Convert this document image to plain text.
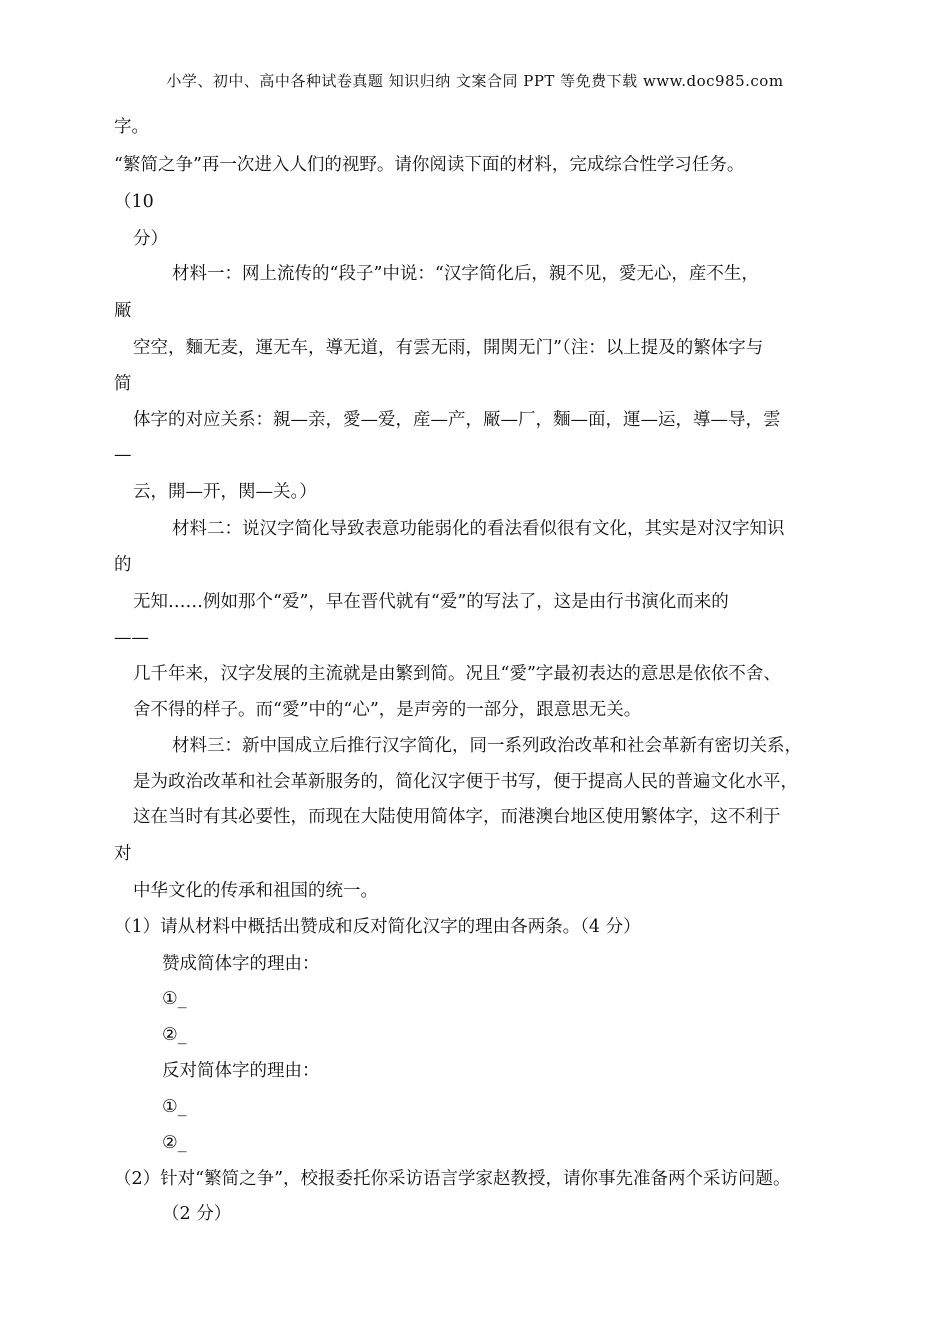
小学、初中、高中各种试卷真题 知识归纳 文案合同 PPT 等免费下载 www.doc985.com
字。
“繁简之争”再一次进入人们的视野。请你阅读下面的材料，完成综合性学习任务。
（10
分）
材料一：网上流传的“段子”中说：“汉字简化后，親不见，愛无心，産不生，
厰
空空，麵无麦，運无车，導无道，有雲无雨，開関无门”（注：以上提及的繁体字与
简
体字的对应关系：親—亲，愛—爱，産—产，厰—厂，麵—面，運—运，導—导，雲
—
云，開—开，関—关。）
材料二：说汉字简化导致表意功能弱化的看法看似很有文化，其实是对汉字知识
的
无知……例如那个“爱”，早在晋代就有“爱”的写法了，这是由行书演化而来的
——
几千年来，汉字发展的主流就是由繁到简。况且“愛”字最初表达的意思是依依不舍、
舍不得的样子。而“愛”中的“心”，是声旁的一部分，跟意思无关。
材料三：新中国成立后推行汉字简化，同一系列政治改革和社会革新有密切关系，
是为政治改革和社会革新服务的，简化汉字便于书写，便于提高人民的普遍文化水平，
这在当时有其必要性，而现在大陆使用简体字，而港澳台地区使用繁体字，这不利于
对
中华文化的传承和祖国的统一。
（1）请从材料中概括出赞成和反对简化汉字的理由各两条。（4 分）
赞成简体字的理由：
①_
②_
反对简体字的理由：
①_
②_
（2）针对“繁简之争”，校报委托你采访语言学家赵教授，请你事先准备两个采访问题。
（2 分）
